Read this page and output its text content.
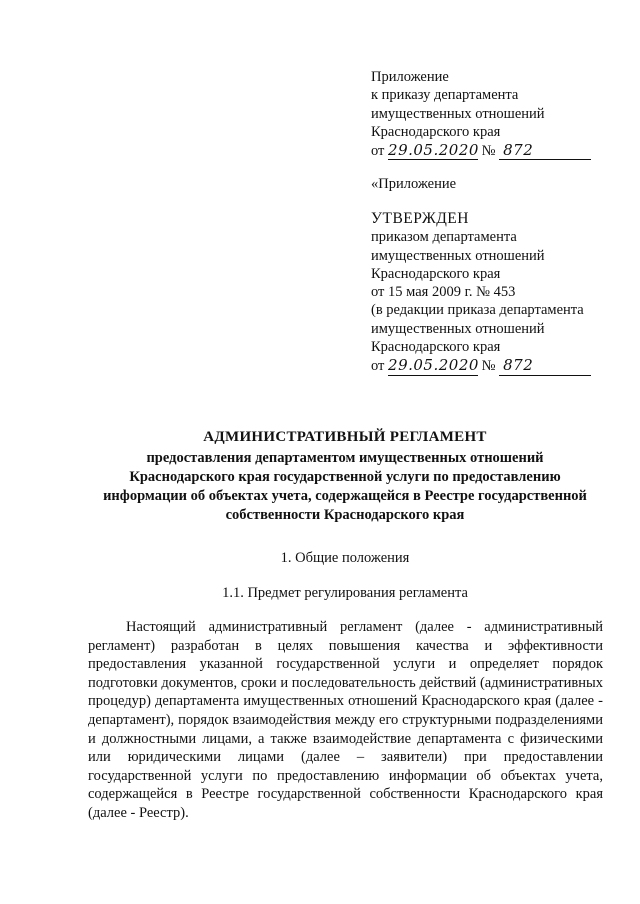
Приложение
к приказу департамента
имущественных отношений
Краснодарского края
от 29.05.2020 № 872
«Приложение
УТВЕРЖДЕН
приказом департамента
имущественных отношений
Краснодарского края
от 15 мая 2009 г. № 453
(в редакции приказа департамента
имущественных отношений
Краснодарского края
от 29.05.2020 № 872
АДМИНИСТРАТИВНЫЙ РЕГЛАМЕНТ
предоставления департаментом имущественных отношений
Краснодарского края государственной услуги по предоставлению
информации об объектах учета, содержащейся в Реестре государственной
собственности Краснодарского края
1. Общие положения
1.1. Предмет регулирования регламента
Настоящий административный регламент (далее - административный регламент) разработан в целях повышения качества и эффективности предоставления указанной государственной услуги и определяет порядок подготовки документов, сроки и последовательность действий (административных процедур) департамента имущественных отношений Краснодарского края (далее - департамент), порядок взаимодействия между его структурными подразделениями и должностными лицами, а также взаимодействие департамента с физическими или юридическими лицами (далее – заявители) при предоставлении государственной услуги по предоставлению информации об объектах учета, содержащейся в Реестре государственной собственности Краснодарского края (далее - Реестр).
